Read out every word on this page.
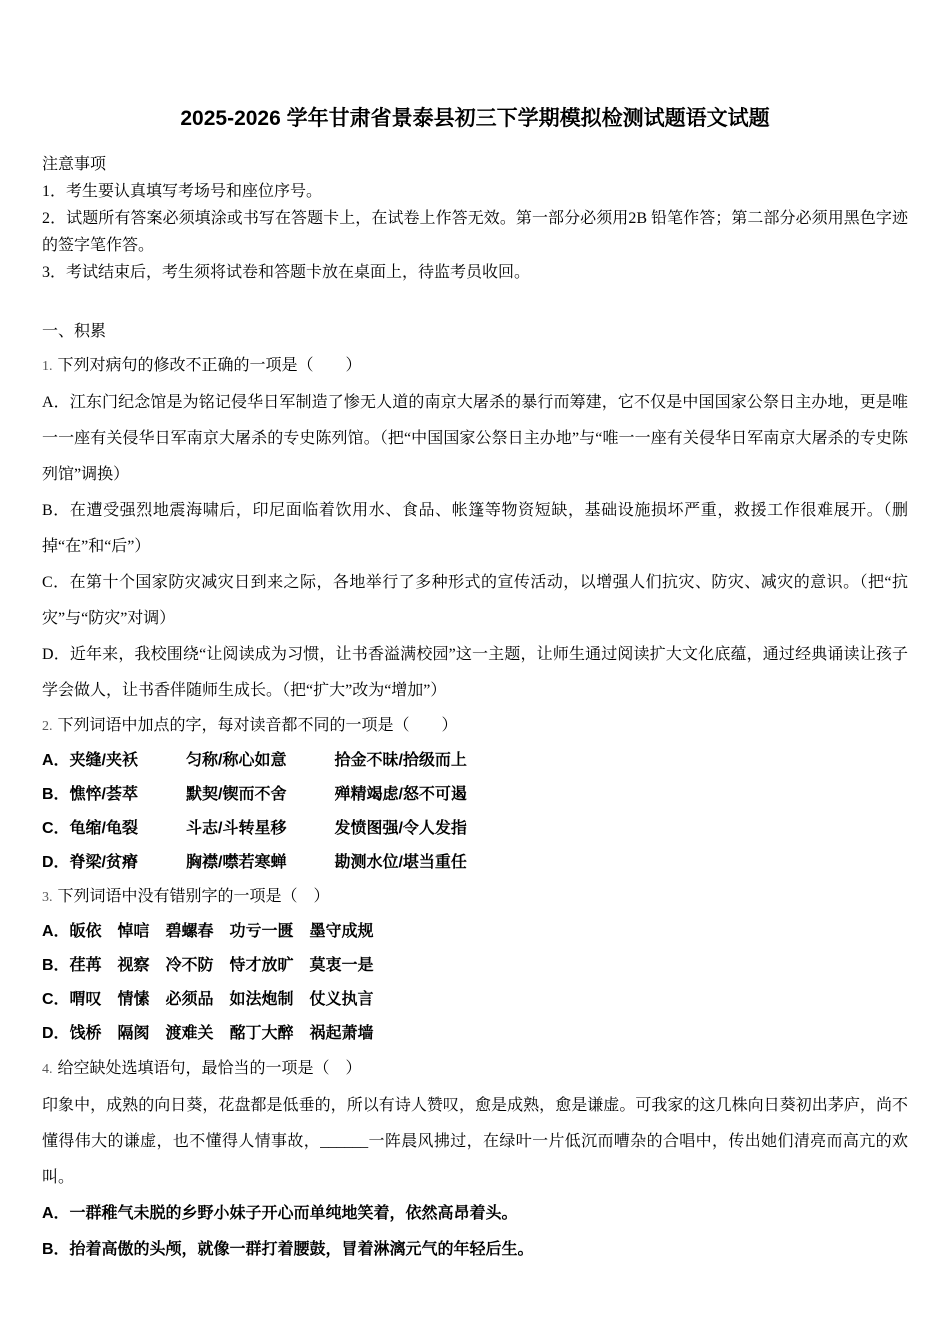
2025-2026 学年甘肃省景泰县初三下学期模拟检测试题语文试题
注意事项
1．考生要认真填写考场号和座位序号。
2．试题所有答案必须填涂或书写在答题卡上，在试卷上作答无效。第一部分必须用2B 铅笔作答；第二部分必须用黑色字迹的签字笔作答。
3．考试结束后，考生须将试卷和答题卡放在桌面上，待监考员收回。
一、积累
1. 下列对病句的修改不正确的一项是（　　）
A．江东门纪念馆是为铭记侵华日军制造了惨无人道的南京大屠杀的暴行而筹建，它不仅是中国国家公祭日主办地，更是唯一一座有关侵华日军南京大屠杀的专史陈列馆。（把“中国国家公祭日主办地”与“唯一一座有关侵华日军南京大屠杀的专史陈列馆”调换）
B．在遭受强烈地震海啸后，印尼面临着饮用水、食品、帐篷等物资短缺，基础设施损坏严重，救援工作很难展开。（删掉“在”和“后”）
C．在第十个国家防灾减灾日到来之际，各地举行了多种形式的宣传活动，以增强人们抗灾、防灾、减灾的意识。（把“抗灾”与“防灾”对调）
D．近年来，我校围绕“让阅读成为习惯，让书香溢满校园”这一主题，让师生通过阅读扩大文化底蕴，通过经典诵读让孩子学会做人，让书香伴随师生成长。（把“扩大”改为“增加”）
2. 下列词语中加点的字，每对读音都不同的一项是（　　）
A．夹缝/夹袄　　　匀称/称心如意　　　拾金不昧/拾级而上
B．憔悴/荟萃　　　默契/锲而不舍　　　殚精竭虑/怒不可遏
C．龟缩/龟裂　　　斗志/斗转星移　　　发愤图强/令人发指
D．脊梁/贫瘠　　　胸襟/噤若寒蝉　　　勘测水位/堪当重任
3. 下列词语中没有错别字的一项是（　）
A．皈依　悼唁　碧螺春　功亏一匮　墨守成规
B．荏苒　视察　冷不防　恃才放旷　莫衷一是
C．喟叹　情愫　必须品　如法炮制　仗义执言
D．饯桥　隔阂　渡难关　酩丁大醉　祸起萧墙
4. 给空缺处选填语句，最恰当的一项是（　）
印象中，成熟的向日葵，花盘都是低垂的，所以有诗人赞叹，愈是成熟，愈是谦虚。可我家的这几株向日葵初出茅庐，尚不懂得伟大的谦虚，也不懂得人情事故，______一阵晨风拂过，在绿叶一片低沉而嘈杂的合唱中，传出她们清亮而高亢的欢叫。
A．一群稚气未脱的乡野小妹子开心而单纯地笑着，依然高昂着头。
B．抬着高傲的头颅，就像一群打着腰鼓，冒着淋漓元气的年轻后生。
